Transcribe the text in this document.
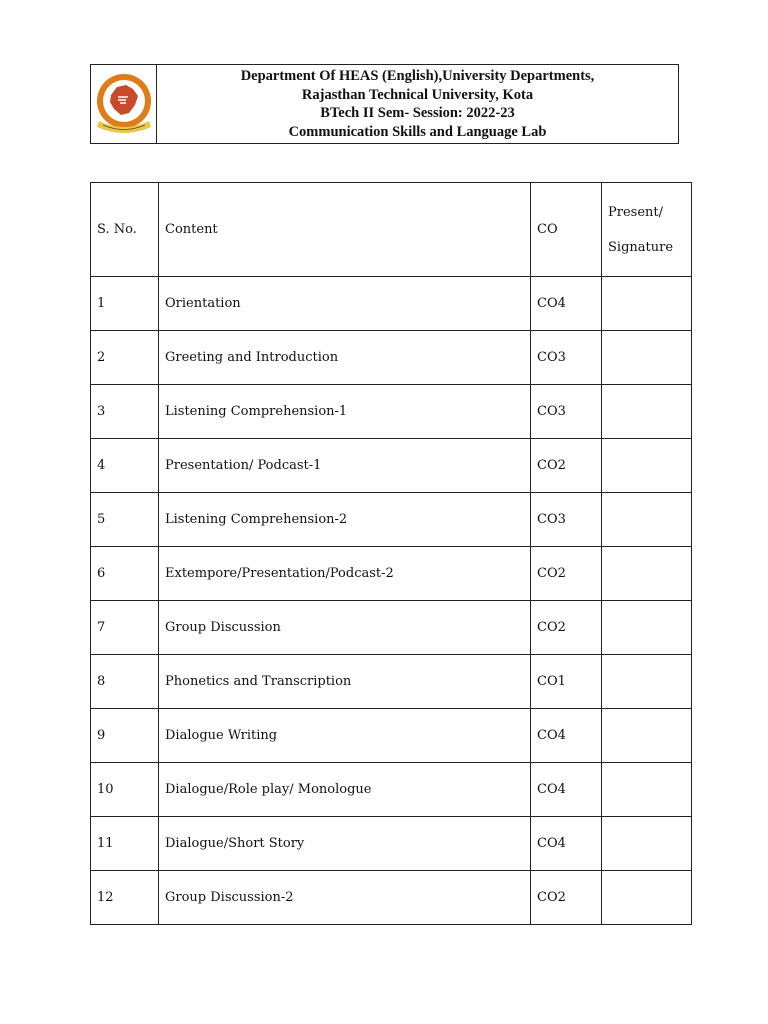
Department Of HEAS (English),University Departments,
Rajasthan Technical University, Kota
BTech II Sem- Session: 2022-23
Communication Skills and Language Lab
S. No.	Content	CO	Present/
Signature
1	Orientation	CO4	
2	Greeting and Introduction	CO3	
3	Listening Comprehension-1	CO3	
4	Presentation/ Podcast-1	CO2	
5	Listening Comprehension-2	CO3	
6	Extempore/Presentation/Podcast-2	CO2	
7	Group Discussion	CO2	
8	Phonetics and Transcription	CO1	
9	Dialogue Writing	CO4	
10	Dialogue/Role play/ Monologue	CO4	
11	Dialogue/Short Story	CO4	
12	Group Discussion-2	CO2	
